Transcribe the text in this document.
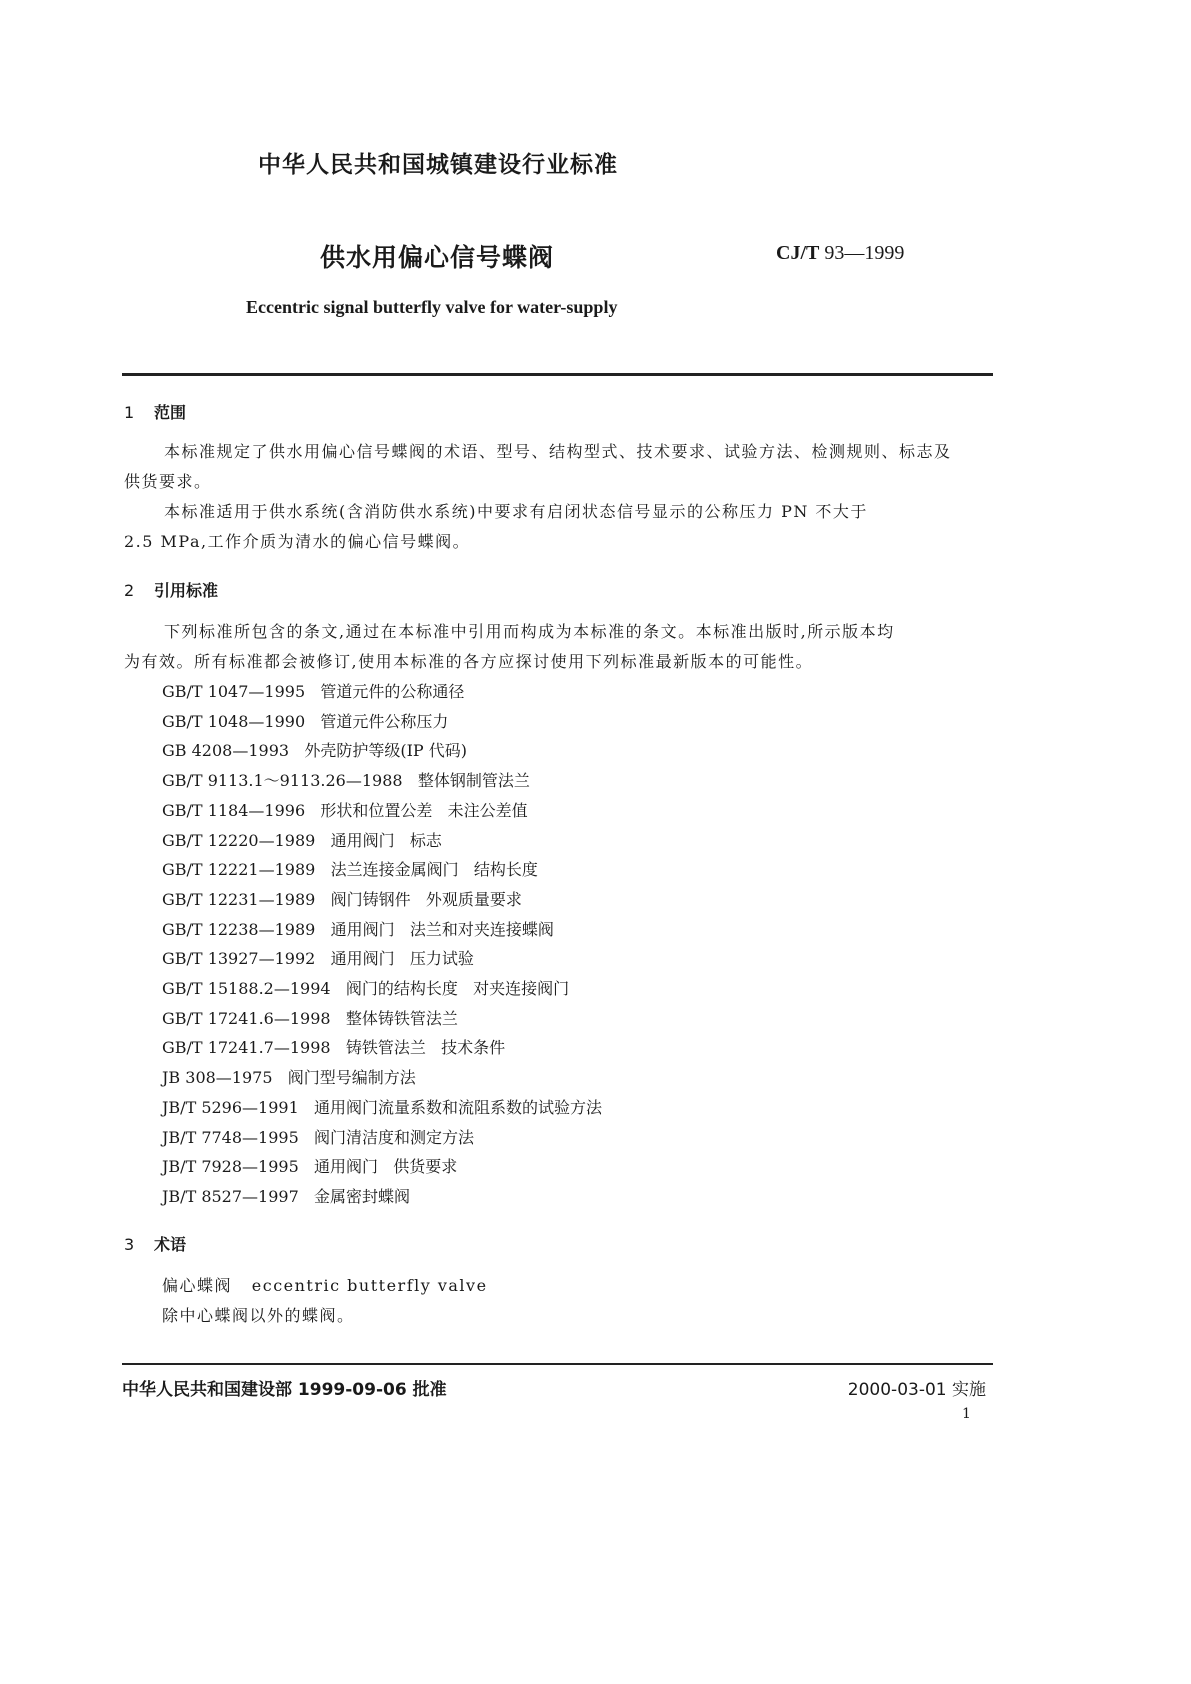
中华人民共和国城镇建设行业标准
供水用偏心信号蝶阀	CJ/T 93—1999
Eccentric signal butterfly valve for water-supply
1 范围
本标准规定了供水用偏心信号蝶阀的术语、型号、结构型式、技术要求、试验方法、检测规则、标志及
供货要求。
本标准适用于供水系统(含消防供水系统)中要求有启闭状态信号显示的公称压力 PN 不大于
2.5 MPa,工作介质为清水的偏心信号蝶阀。
2 引用标准
下列标准所包含的条文,通过在本标准中引用而构成为本标准的条文。本标准出版时,所示版本均
为有效。所有标准都会被修订,使用本标准的各方应探讨使用下列标准最新版本的可能性。
GB/T 1047—1995   管道元件的公称通径
GB/T 1048—1990   管道元件公称压力
GB 4208—1993   外壳防护等级(IP 代码)
GB/T 9113.1～9113.26—1988   整体钢制管法兰
GB/T 1184—1996   形状和位置公差   未注公差值
GB/T 12220—1989   通用阀门   标志
GB/T 12221—1989   法兰连接金属阀门   结构长度
GB/T 12231—1989   阀门铸钢件   外观质量要求
GB/T 12238—1989   通用阀门   法兰和对夹连接蝶阀
GB/T 13927—1992   通用阀门   压力试验
GB/T 15188.2—1994   阀门的结构长度   对夹连接阀门
GB/T 17241.6—1998   整体铸铁管法兰
GB/T 17241.7—1998   铸铁管法兰   技术条件
JB 308—1975   阀门型号编制方法
JB/T 5296—1991   通用阀门流量系数和流阻系数的试验方法
JB/T 7748—1995   阀门清洁度和测定方法
JB/T 7928—1995   通用阀门   供货要求
JB/T 8527—1997   金属密封蝶阀
3 术语
偏心蝶阀   eccentric butterfly valve
除中心蝶阀以外的蝶阀。
中华人民共和国建设部 1999-09-06 批准	2000-03-01 实施
1
